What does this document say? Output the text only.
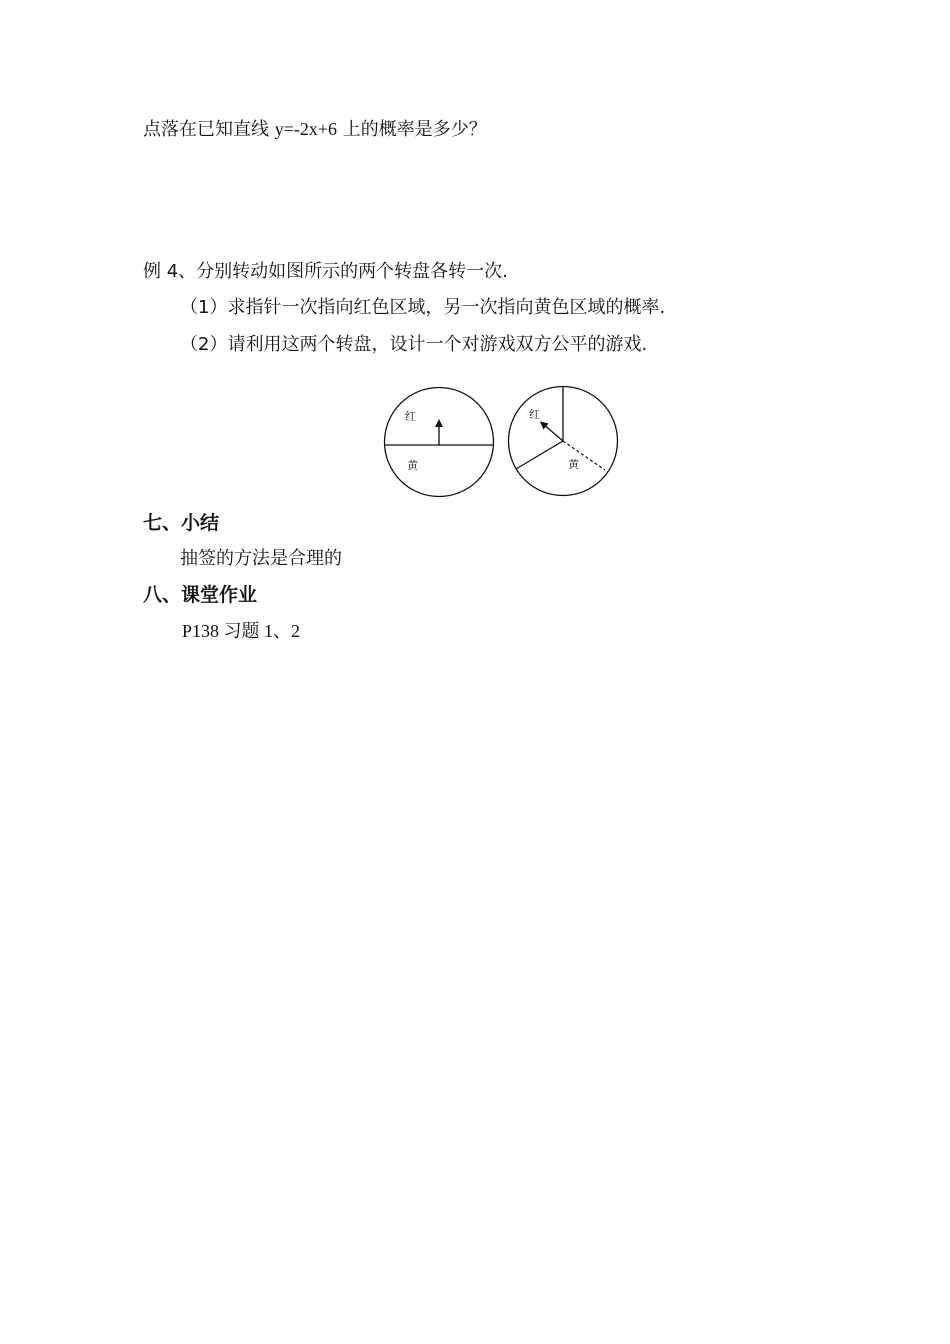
点落在已知直线 y=-2x+6 上的概率是多少？
例 4、分别转动如图所示的两个转盘各转一次.
（1）求指针一次指向红色区域，另一次指向黄色区域的概率.
（2）请利用这两个转盘，设计一个对游戏双方公平的游戏.
红
黄
红
黄
七、小结
抽签的方法是合理的
八、课堂作业
P138 习题 1、2
